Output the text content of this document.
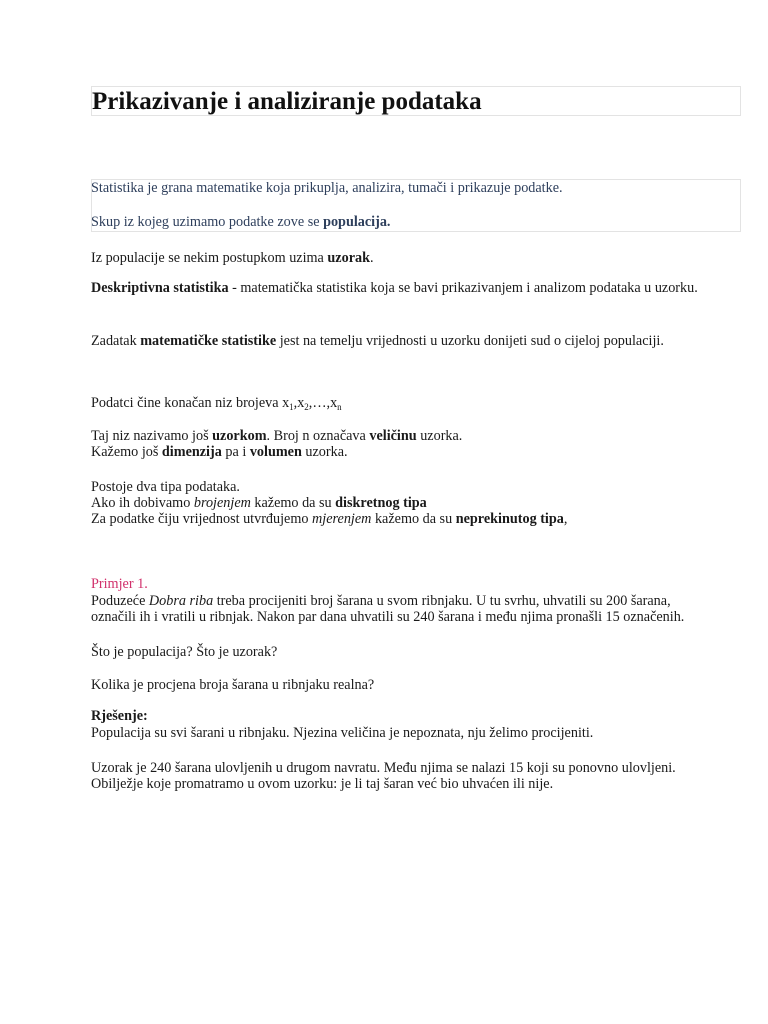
Prikazivanje i analiziranje podataka

Statistika je grana matematike koja prikuplja, analizira, tumači i prikazuje podatke.

Skup iz kojeg uzimamo podatke zove se populacija.

Iz populacije se nekim postupkom uzima uzorak.

Deskriptivna statistika - matematička statistika koja se bavi prikazivanjem i analizom podataka u uzorku.

Zadatak matematičke statistike jest na temelju vrijednosti u uzorku donijeti sud o cijeloj populaciji.

Podatci čine konačan niz brojeva $x_1,x_2,\dots,x_n$

Taj niz nazivamo još uzorkom. Broj n označava veličinu uzorka.

Kažemo još dimenzija pa i volumen uzorka.

Postoje dva tipa podataka.

Ako ih dobivamo brojenjem kažemo da su diskretnog tipa

Za podatke čiju vrijednost utvrđujemo mjerenjem kažemo da su neprekinutog tipa,

Primjer 1.

Poduzeće Dobra riba treba procijeniti broj šarana u svom ribnjaku. U tu svrhu, uhvatili su 200 šarana,

označili ih i vratili u ribnjak. Nakon par dana uhvatili su 240 šarana i među njima pronašli 15 označenih.

Što je populacija? Što je uzorak?

Kolika je procjena broja šarana u ribnjaku realna?

Rješenje:

Populacija su svi šarani u ribnjaku. Njezina veličina je nepoznata, nju želimo procijeniti.

Uzorak je 240 šarana ulovljenih u drugom navratu. Među njima se nalazi 15 koji su ponovno ulovljeni.

Obilježje koje promatramo u ovom uzorku: je li taj šaran već bio uhvaćen ili nije.
